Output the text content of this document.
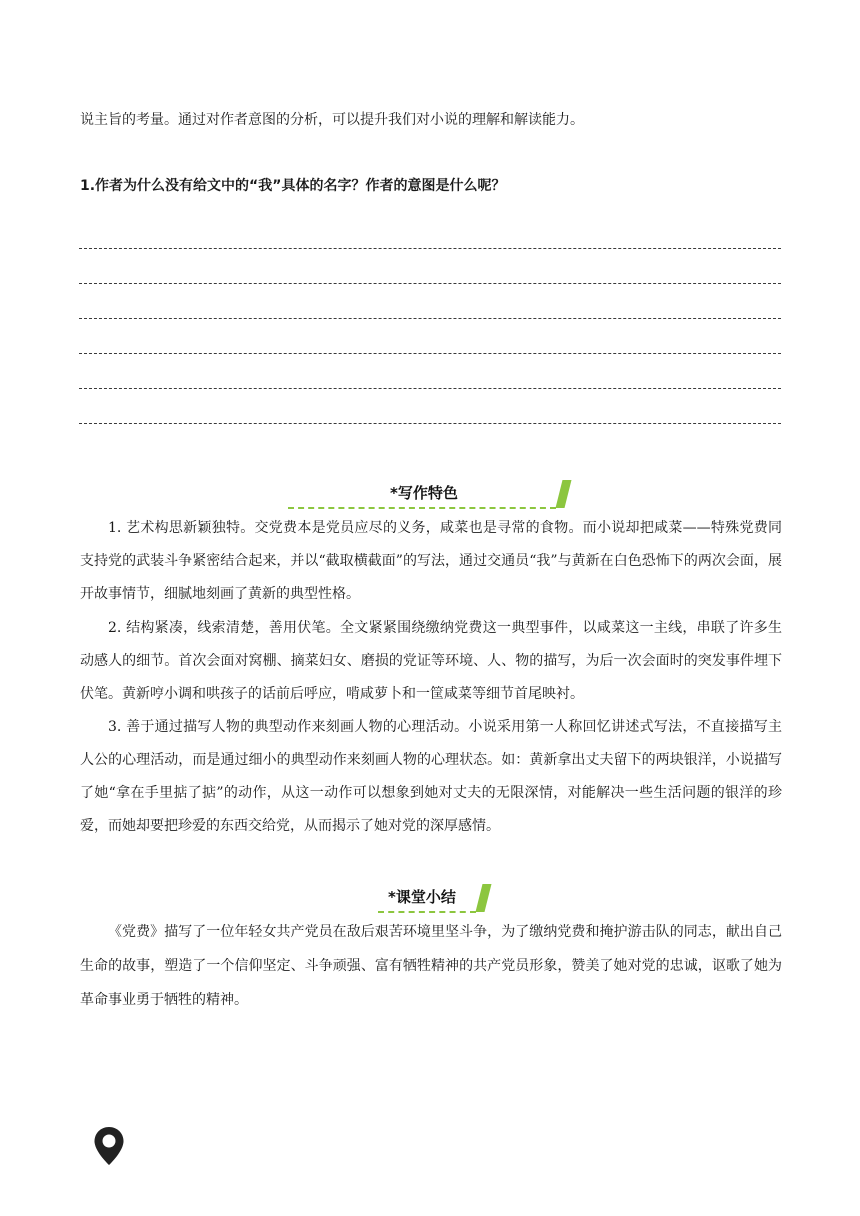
说主旨的考量。通过对作者意图的分析，可以提升我们对小说的理解和解读能力。
1.作者为什么没有给文中的“我”具体的名字？作者的意图是什么呢？
*写作特色
1. 艺术构思新颖独特。交党费本是党员应尽的义务，咸菜也是寻常的食物。而小说却把咸菜——特殊党费同支持党的武装斗争紧密结合起来，并以“截取横截面”的写法，通过交通员“我”与黄新在白色恐怖下的两次会面，展开故事情节，细腻地刻画了黄新的典型性格。
2. 结构紧凑，线索清楚，善用伏笔。全文紧紧围绕缴纳党费这一典型事件，以咸菜这一主线，串联了许多生动感人的细节。首次会面对窝棚、摘菜妇女、磨损的党证等环境、人、物的描写，为后一次会面时的突发事件埋下伏笔。黄新哼小调和哄孩子的话前后呼应，啃咸萝卜和一筐咸菜等细节首尾映衬。
3. 善于通过描写人物的典型动作来刻画人物的心理活动。小说采用第一人称回忆讲述式写法，不直接描写主人公的心理活动，而是通过细小的典型动作来刻画人物的心理状态。如：黄新拿出丈夫留下的两块银洋，小说描写了她“拿在手里掂了掂”的动作，从这一动作可以想象到她对丈夫的无限深情，对能解决一些生活问题的银洋的珍爱，而她却要把珍爱的东西交给党，从而揭示了她对党的深厚感情。
*课堂小结
《党费》描写了一位年轻女共产党员在敌后艰苦环境里坚斗争，为了缴纳党费和掩护游击队的同志，献出自己生命的故事，塑造了一个信仰坚定、斗争顽强、富有牺牲精神的共产党员形象，赞美了她对党的忠诚，讴歌了她为革命事业勇于牺牲的精神。
